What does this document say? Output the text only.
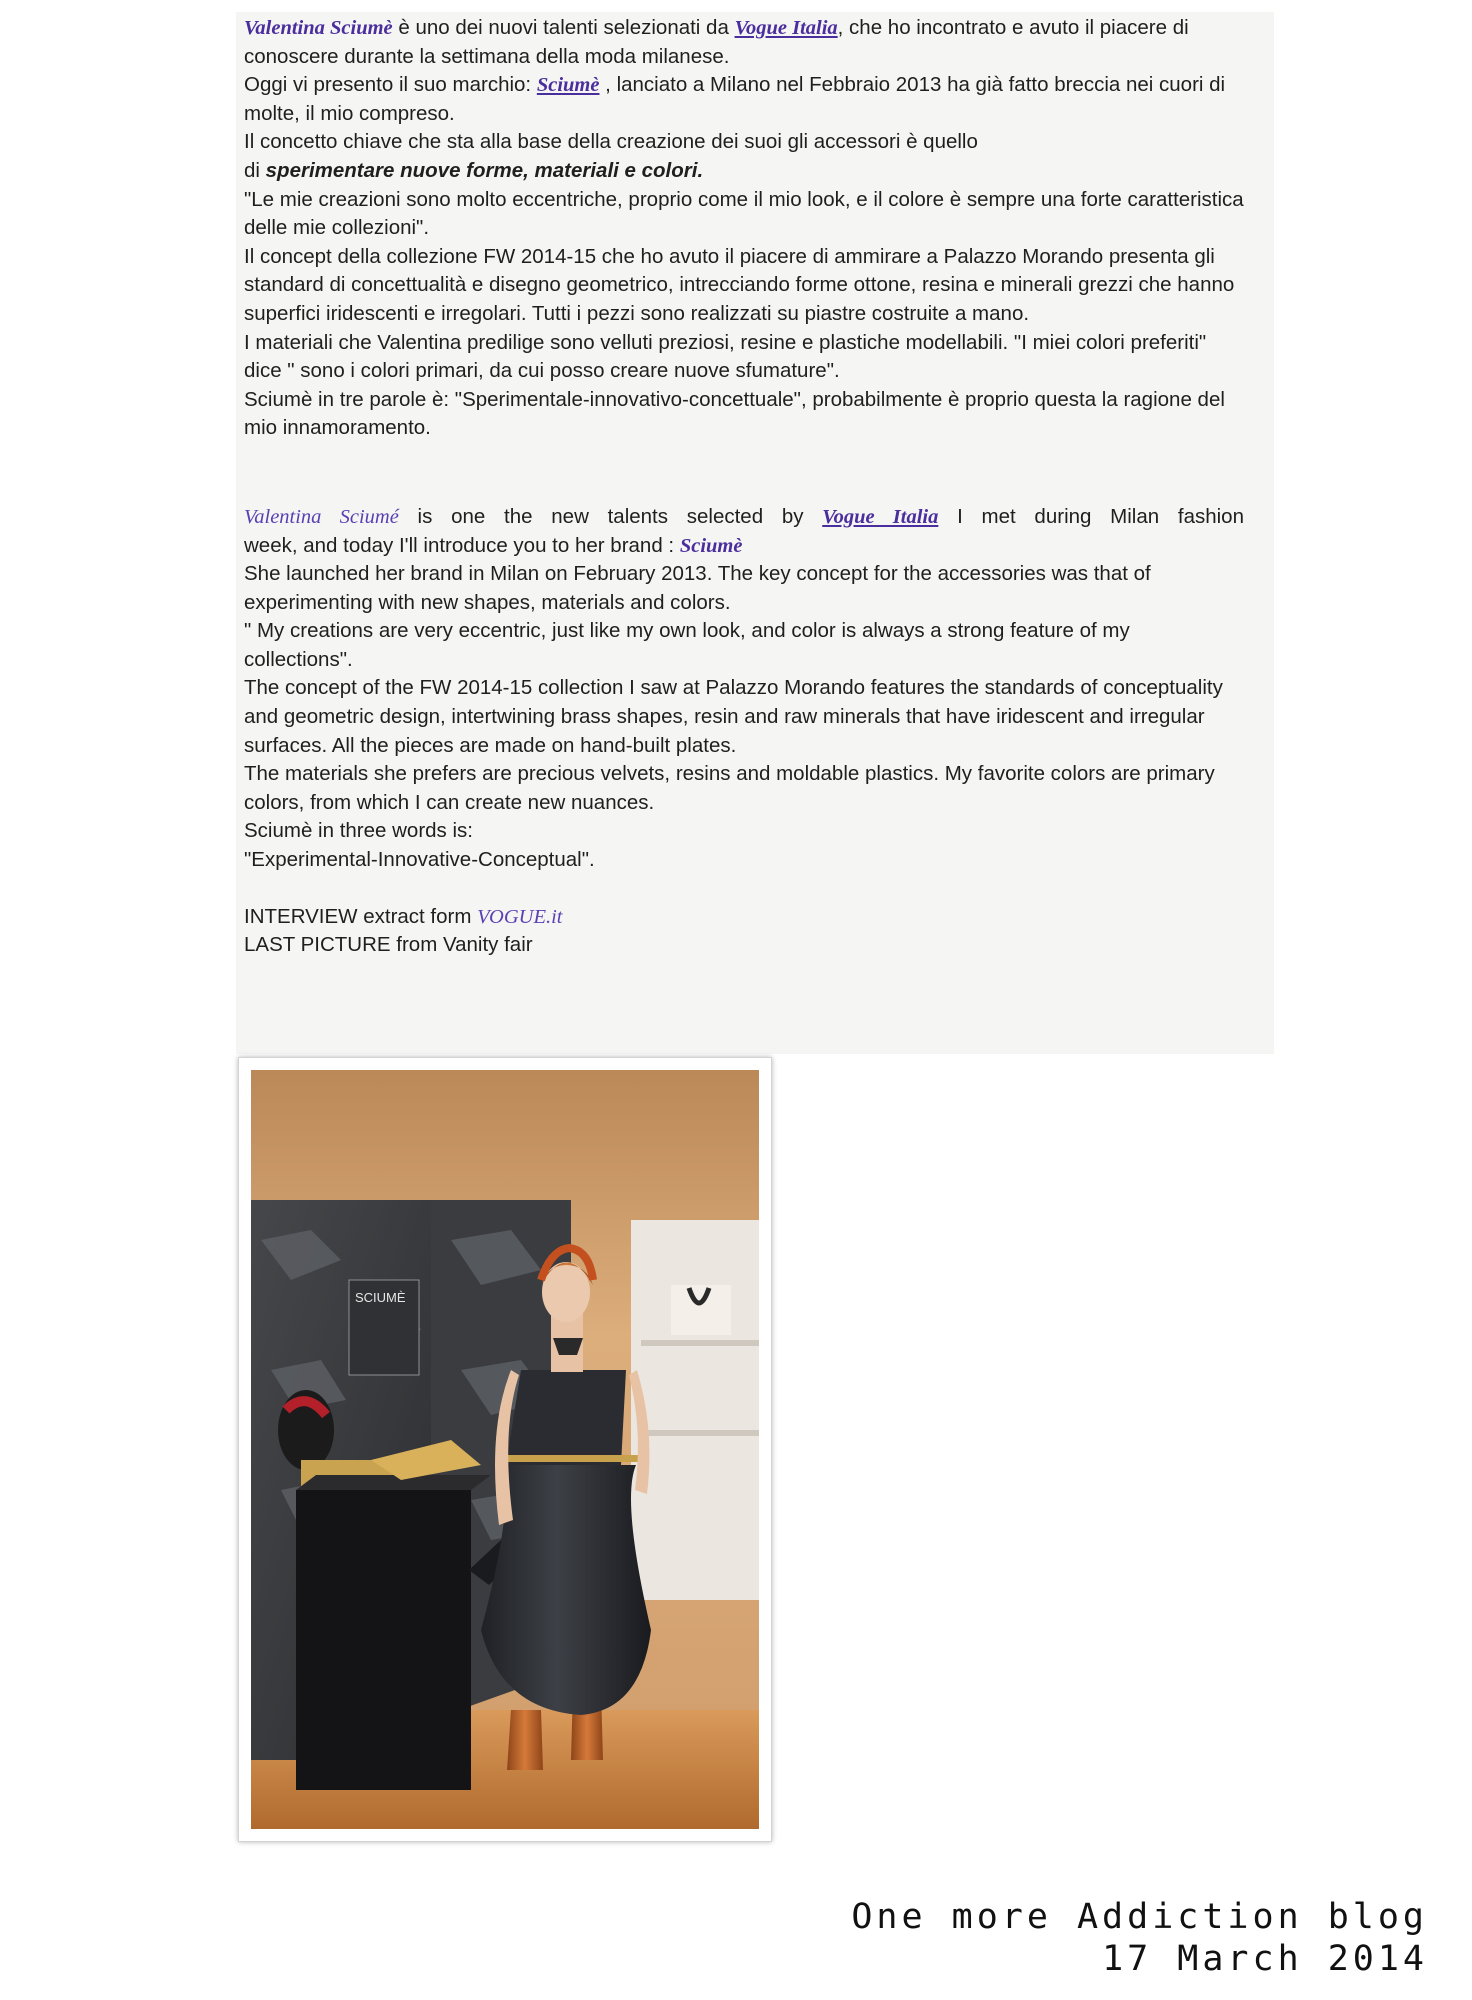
Valentina Sciumè è uno dei nuovi talenti selezionati da Vogue Italia, che ho incontrato e avuto il piacere di conoscere durante la settimana della moda milanese.

Oggi vi presento il suo marchio: Sciumè , lanciato a Milano nel Febbraio 2013 ha già fatto breccia nei cuori di molte, il mio compreso.

Il concetto chiave che sta alla base della creazione dei suoi gli accessori è quello
di sperimentare nuove forme, materiali e colori.

"Le mie creazioni sono molto eccentriche, proprio come il mio look, e il colore è sempre una forte caratteristica delle mie collezioni".

Il concept della collezione FW 2014-15 che ho avuto il piacere di ammirare a Palazzo Morando presenta gli standard di concettualità e disegno geometrico, intrecciando forme ottone, resina e minerali grezzi che hanno superfici iridescenti e irregolari. Tutti i pezzi sono realizzati su piastre costruite a mano.

I materiali che Valentina predilige sono velluti preziosi, resine e plastiche modellabili. "I miei colori preferiti" dice " sono i colori primari, da cui posso creare nuove sfumature".

Sciumè in tre parole è: "Sperimentale-innovativo-concettuale", probabilmente è proprio questa la ragione del mio innamoramento.

Valentina Sciumé is one the new talents selected by Vogue Italia I met during Milan fashion

week, and today I'll introduce you to her brand : Sciumè

She launched her brand in Milan on February 2013. The key concept for the accessories was that of experimenting with new shapes, materials and colors.

" My creations are very eccentric, just like my own look, and color is always a strong feature of my collections".

The concept of the FW 2014-15 collection I saw at Palazzo Morando features the standards of conceptuality and geometric design, intertwining brass shapes, resin and raw minerals that have iridescent and irregular surfaces. All the pieces are made on hand-built plates.

The materials she prefers are precious velvets, resins and moldable plastics. My favorite colors are primary colors, from which I can create new nuances.

Sciumè in three words is:

"Experimental-Innovative-Conceptual".

INTERVIEW extract form VOGUE.it

LAST PICTURE from Vanity fair

SCIUMÈ
One more Addiction blog
17 March 2014
